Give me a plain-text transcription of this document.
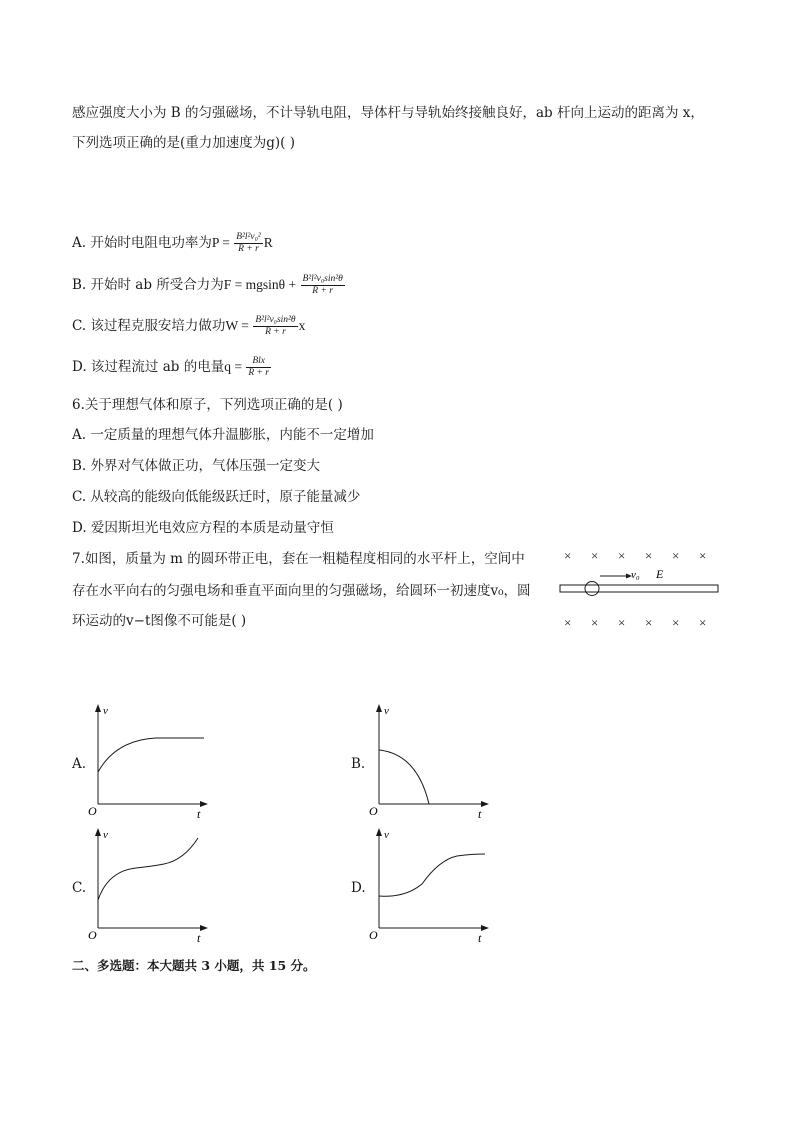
感应强度大小为 B 的匀强磁场，不计导轨电阻，导体杆与导轨始终接触良好，ab 杆向上运动的距离为 x，
下列选项正确的是(重力加速度为g)( )
A. 开始时电阻电功率为$P = \frac{\text{B²l²v₀²}}{R + r}$ R
B. 开始时 ab 所受合力为$F = mgsin\theta + \frac{\text{B²l²v₀sin²θ}}{R + r}$
C. 该过程克服安培力做功$W = \frac{\text{B²l²v₀sin²θ}}{R + r}$ x
D. 该过程流过 ab 的电量$q = \frac{\text{Blx}}{R + r}$
6.关于理想气体和原子，下列选项正确的是( )
A. 一定质量的理想气体升温膨胀，内能不一定增加
B. 外界对气体做正功，气体压强一定变大
C. 从较高的能级向低能级跃迁时，原子能量减少
D. 爱因斯坦光电效应方程的本质是动量守恒
7.如图，质量为 m 的圆环带正电，套在一粗糙程度相同的水平杆上，空间中
存在水平向右的匀强电场和垂直平面向里的匀强磁场，给圆环一初速度v₀，圆
环运动的v−t图像不可能是( )
× × × × × ×
× × × × × ×
v₀ E
A.
v
t
O
B.
v
t
O
C.
v
t
O
D.
v
t
O
二、多选题：本大题共 3 小题，共 15 分。
